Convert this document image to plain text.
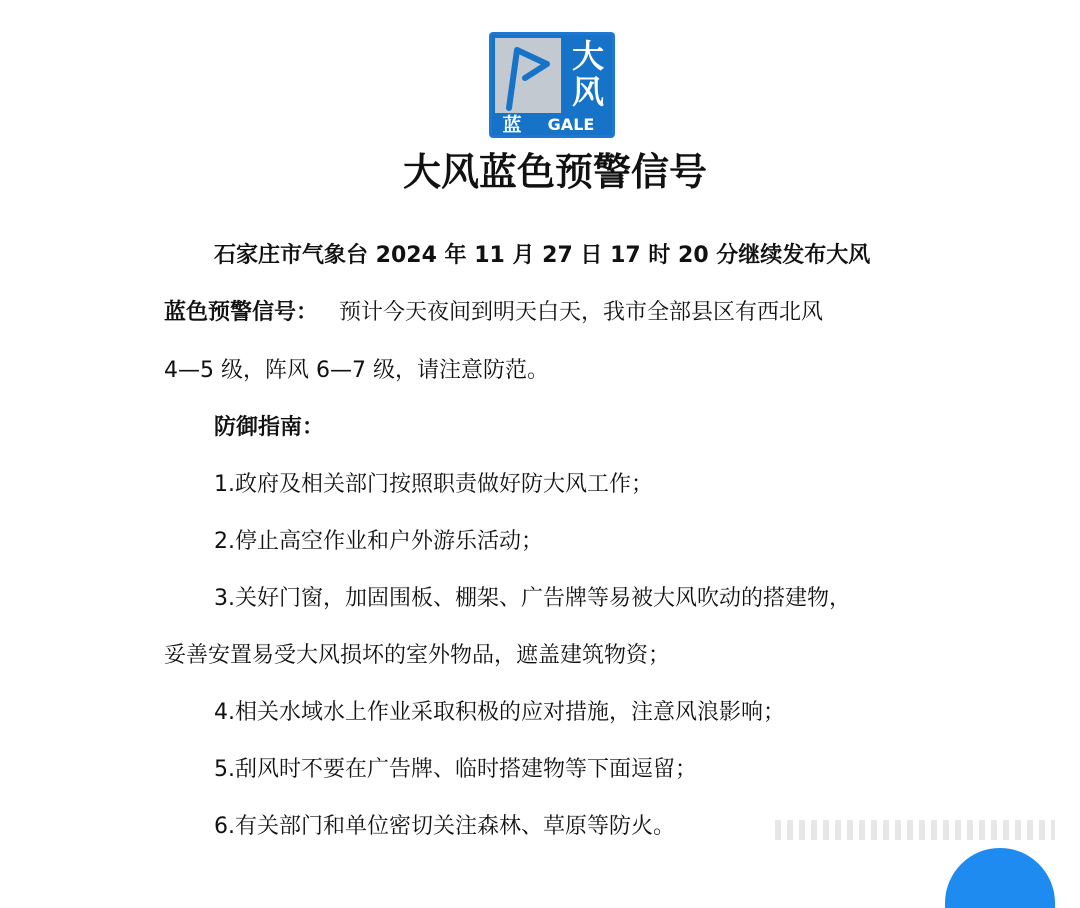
大
风
蓝	GALE
大风蓝色预警信号
石家庄市气象台 2024 年 11 月 27 日 17 时 20 分继续发布大风
蓝色预警信号：   预计今天夜间到明天白天，我市全部县区有西北风
4—5 级，阵风 6—7 级，请注意防范。
防御指南：
1.政府及相关部门按照职责做好防大风工作；
2.停止高空作业和户外游乐活动；
3.关好门窗，加固围板、棚架、广告牌等易被大风吹动的搭建物，
妥善安置易受大风损坏的室外物品，遮盖建筑物资；
4.相关水域水上作业采取积极的应对措施，注意风浪影响；
5.刮风时不要在广告牌、临时搭建物等下面逗留；
6.有关部门和单位密切关注森林、草原等防火。
